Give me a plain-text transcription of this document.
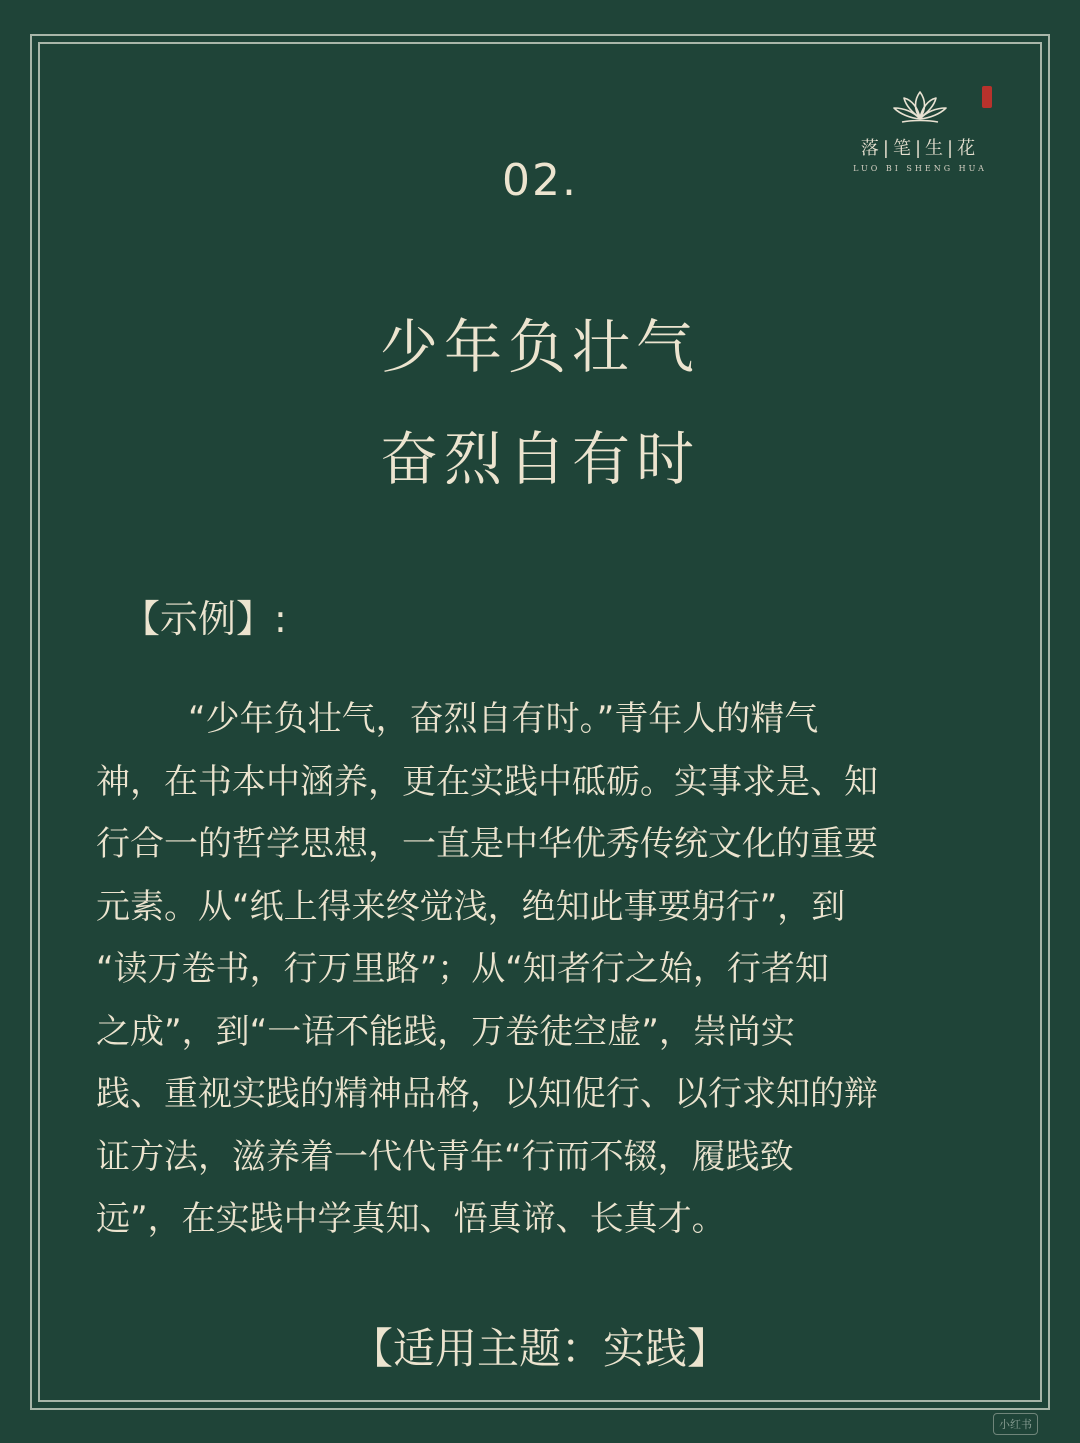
落|笔|生|花
LUO BI SHENG HUA
02.
少年负壮气
奋烈自有时
【示例】:
“少年负壮气，奋烈自有时。”青年人的精气
神，在书本中涵养，更在实践中砥砺。实事求是、知
行合一的哲学思想，一直是中华优秀传统文化的重要
元素。从“纸上得来终觉浅，绝知此事要躬行”，到
“读万卷书，行万里路”；从“知者行之始，行者知
之成”，到“一语不能践，万卷徒空虚”，崇尚实
践、重视实践的精神品格，以知促行、以行求知的辩
证方法，滋养着一代代青年“行而不辍，履践致
远”，在实践中学真知、悟真谛、长真才。
【适用主题：实践】
小红书
